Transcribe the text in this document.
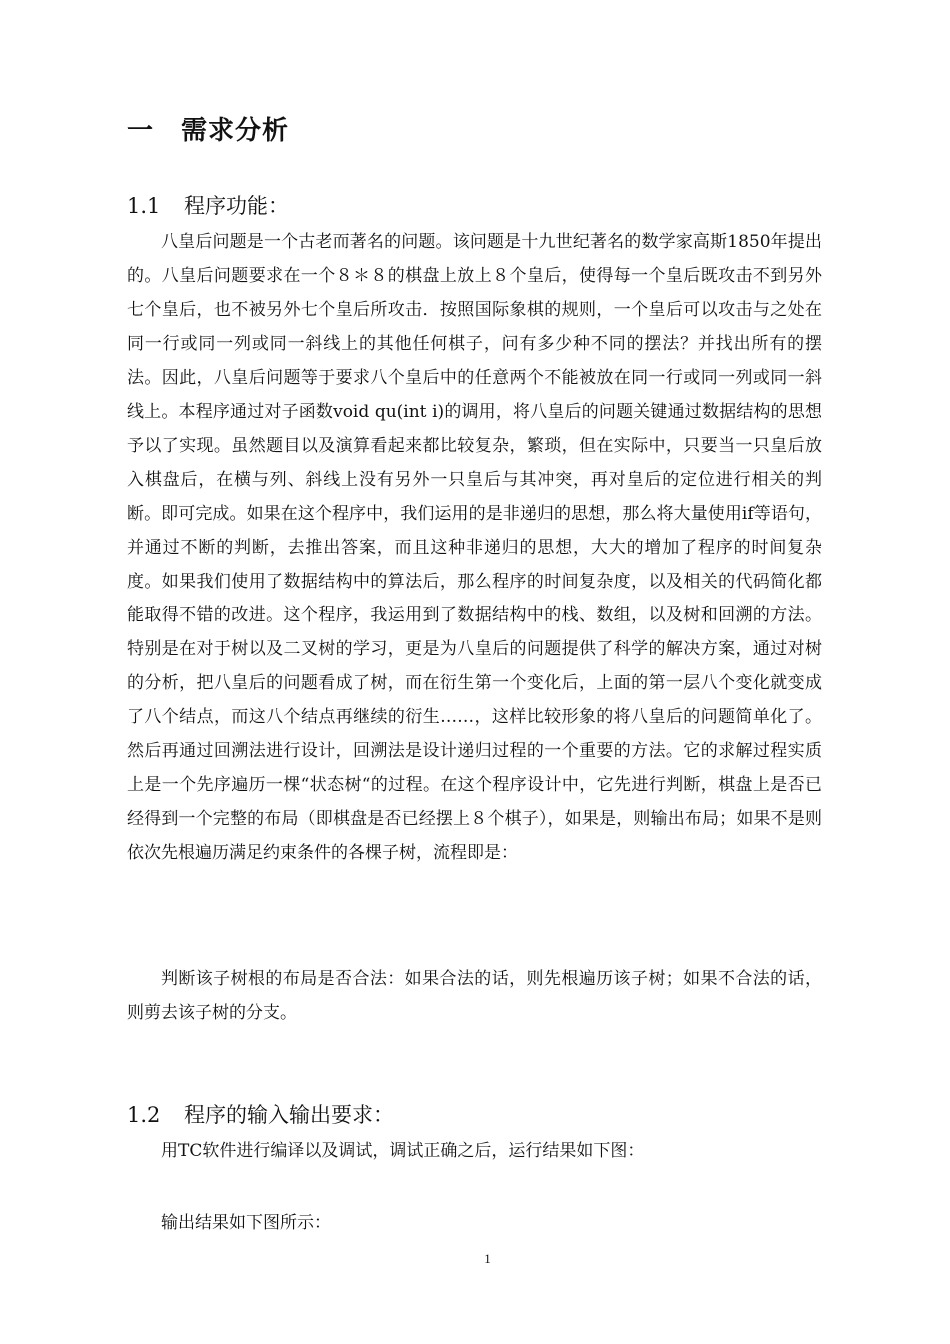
一 需求分析
1.1 程序功能：

八皇后问题是一个古老而著名的问题。该问题是十九世纪著名的数学家高斯1850年提出的。八皇后问题要求在一个８＊８的棋盘上放上８个皇后，使得每一个皇后既攻击不到另外七个皇后，也不被另外七个皇后所攻击．按照国际象棋的规则，一个皇后可以攻击与之处在同一行或同一列或同一斜线上的其他任何棋子，问有多少种不同的摆法？并找出所有的摆法。因此，八皇后问题等于要求八个皇后中的任意两个不能被放在同一行或同一列或同一斜线上。本程序通过对子函数void qu(int i)的调用，将八皇后的问题关键通过数据结构的思想予以了实现。虽然题目以及演算看起来都比较复杂，繁琐，但在实际中，只要当一只皇后放入棋盘后，在横与列、斜线上没有另外一只皇后与其冲突，再对皇后的定位进行相关的判断。即可完成。如果在这个程序中，我们运用的是非递归的思想，那么将大量使用if等语句，并通过不断的判断，去推出答案，而且这种非递归的思想，大大的增加了程序的时间复杂度。如果我们使用了数据结构中的算法后，那么程序的时间复杂度，以及相关的代码简化都能取得不错的改进。这个程序，我运用到了数据结构中的栈、数组，以及树和回溯的方法。特别是在对于树以及二叉树的学习，更是为八皇后的问题提供了科学的解决方案，通过对树的分析，把八皇后的问题看成了树，而在衍生第一个变化后，上面的第一层八个变化就变成了八个结点，而这八个结点再继续的衍生……，这样比较形象的将八皇后的问题简单化了。然后再通过回溯法进行设计，回溯法是设计递归过程的一个重要的方法。它的求解过程实质上是一个先序遍历一棵“状态树“的过程。在这个程序设计中，它先进行判断，棋盘上是否已经得到一个完整的布局（即棋盘是否已经摆上８个棋子），如果是，则输出布局；如果不是则依次先根遍历满足约束条件的各棵子树，流程即是：

判断该子树根的布局是否合法：如果合法的话，则先根遍历该子树；如果不合法的话，则剪去该子树的分支。

1.2 程序的输入输出要求：

用TC软件进行编译以及调试，调试正确之后，运行结果如下图：

输出结果如下图所示：

1
